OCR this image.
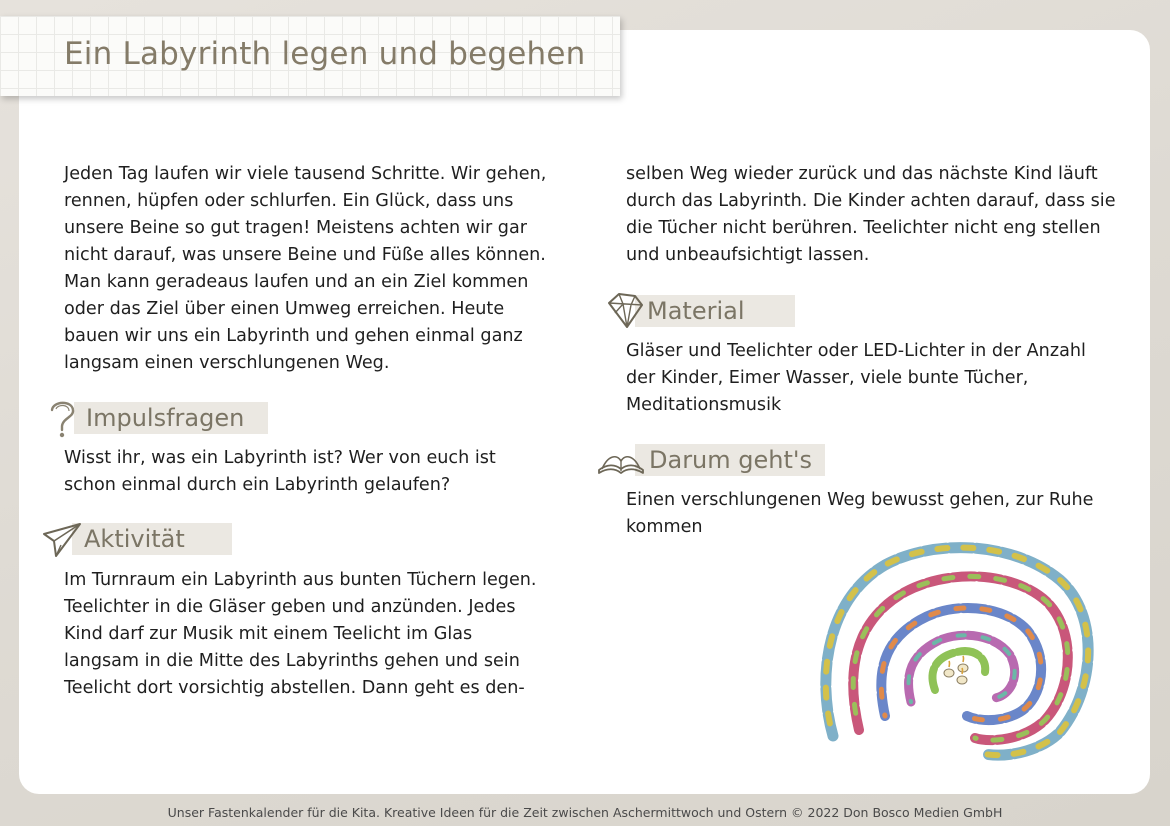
Ein Labyrinth legen und begehen

Jeden Tag laufen wir viele tausend Schritte. Wir gehen, rennen, hüpfen oder schlurfen. Ein Glück, dass uns unsere Beine so gut tragen! Meistens achten wir gar nicht darauf, was unsere Beine und Füße alles können. Man kann geradeaus laufen und an ein Ziel kommen oder das Ziel über einen Umweg erreichen. Heute bauen wir uns ein Labyrinth und gehen einmal ganz langsam einen verschlungenen Weg.

Impulsfragen

Wisst ihr, was ein Labyrinth ist? Wer von euch ist schon einmal durch ein Labyrinth gelaufen?

Aktivität

Im Turnraum ein Labyrinth aus bunten Tüchern legen. Teelichter in die Gläser geben und anzünden. Jedes Kind darf zur Musik mit einem Teelicht im Glas langsam in die Mitte des Labyrinths gehen und sein Teelicht dort vorsichtig abstellen. Dann geht es den-

selben Weg wieder zurück und das nächste Kind läuft durch das Labyrinth. Die Kinder achten darauf, dass sie die Tücher nicht berühren. Teelichter nicht eng stellen und unbeaufsichtigt lassen.

Material

Gläser und Teelichter oder LED-Lichter in der Anzahl der Kinder, Eimer Wasser, viele bunte Tücher, Meditationsmusik

Darum geht's

Einen verschlungenen Weg bewusst gehen, zur Ruhe kommen

Unser Fastenkalender für die Kita. Kreative Ideen für die Zeit zwischen Aschermittwoch und Ostern © 2022 Don Bosco Medien GmbH
